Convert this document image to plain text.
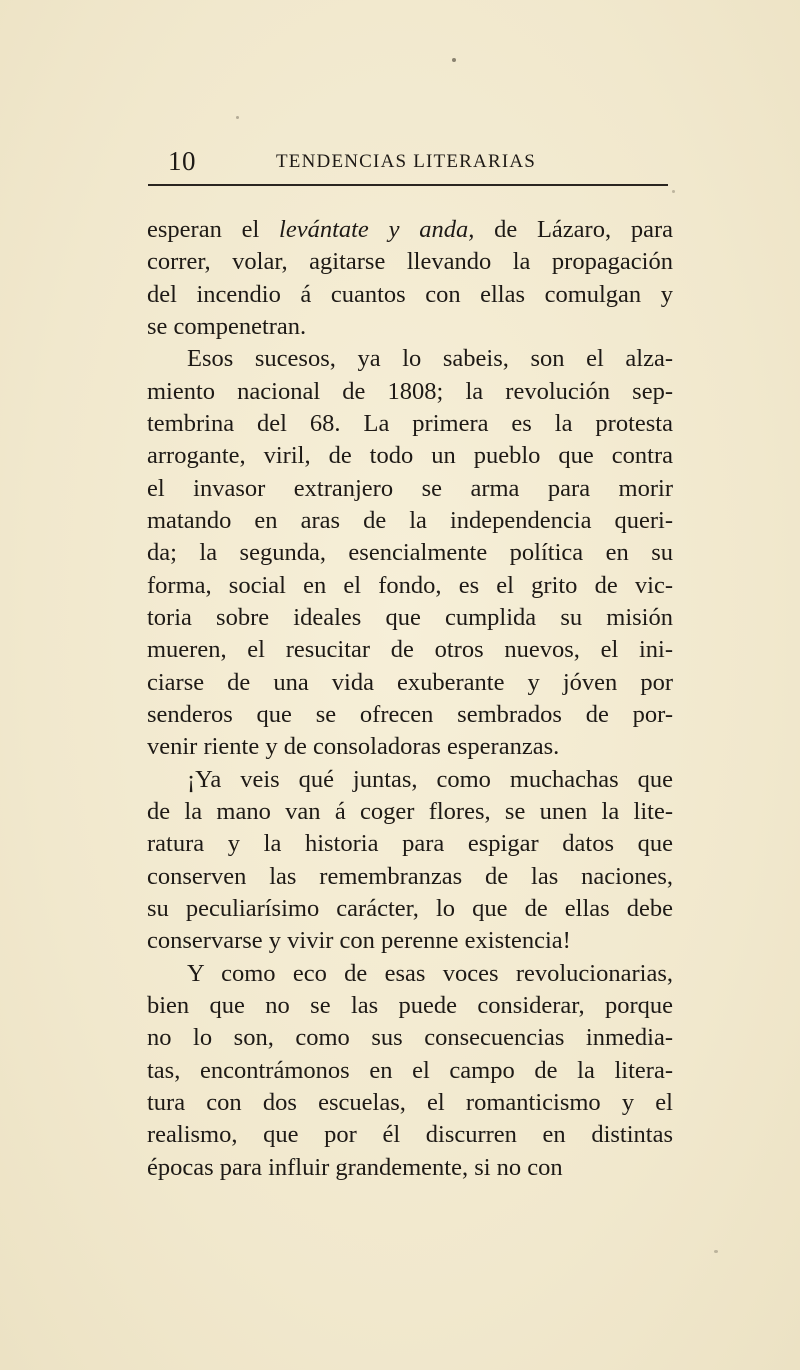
10	TENDENCIAS LITERARIAS
esperan el levántate y anda, de Lázaro, para
correr, volar, agitarse llevando la propagación
del incendio á cuantos con ellas comulgan y
se compenetran.
Esos sucesos, ya lo sabeis, son el alza-
miento nacional de 1808; la revolución sep-
tembrina del 68. La primera es la protesta
arrogante, viril, de todo un pueblo que contra
el invasor extranjero se arma para morir
matando en aras de la independencia queri-
da; la segunda, esencialmente política en su
forma, social en el fondo, es el grito de vic-
toria sobre ideales que cumplida su misión
mueren, el resucitar de otros nuevos, el ini-
ciarse de una vida exuberante y jóven por
senderos que se ofrecen sembrados de por-
venir riente y de consoladoras esperanzas.
¡Ya veis qué juntas, como muchachas que
de la mano van á coger flores, se unen la lite-
ratura y la historia para espigar datos que
conserven las remembranzas de las naciones,
su peculiarísimo carácter, lo que de ellas debe
conservarse y vivir con perenne existencia!
Y como eco de esas voces revolucionarias,
bien que no se las puede considerar, porque
no lo son, como sus consecuencias inmedia-
tas, encontrámonos en el campo de la litera-
tura con dos escuelas, el romanticismo y el
realismo, que por él discurren en distintas
épocas para influir grandemente, si no con
